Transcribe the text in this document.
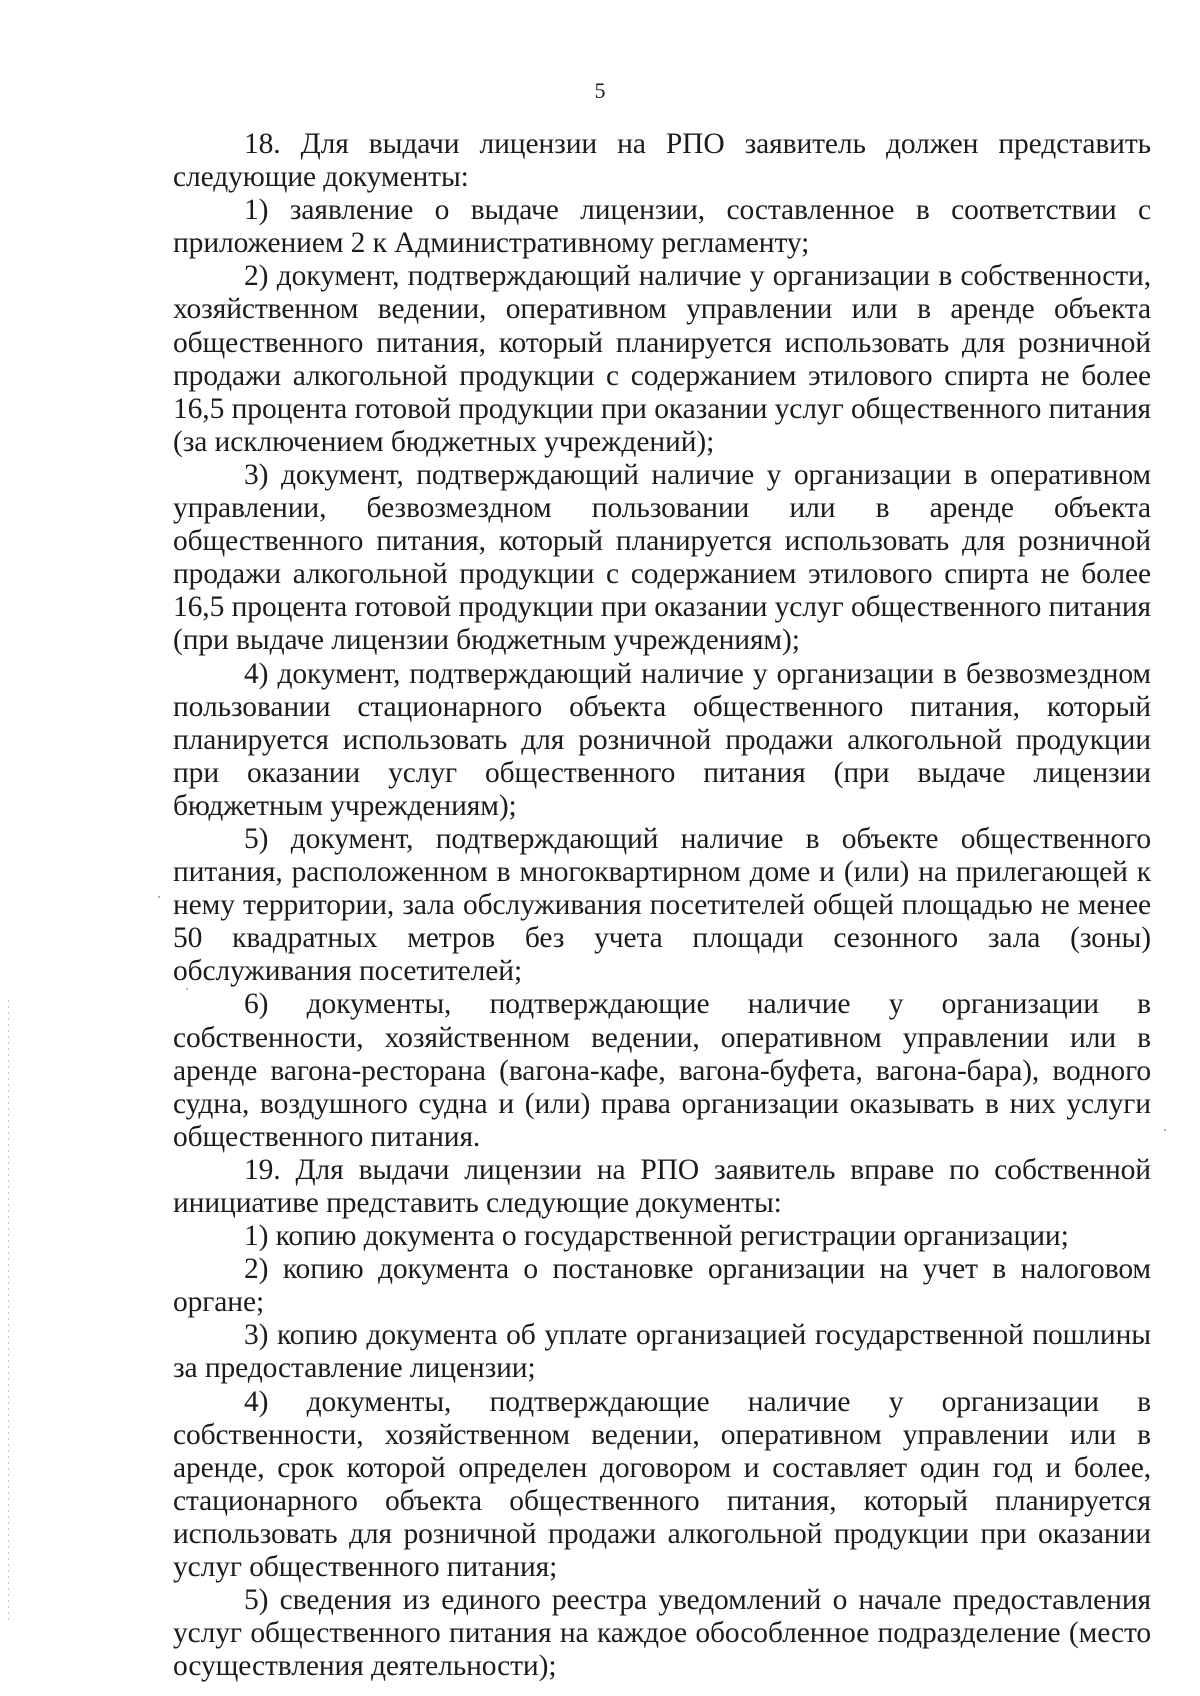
5

18. Для выдачи лицензии на РПО заявитель должен представить следующие документы:

1) заявление о выдаче лицензии, составленное в соответствии с приложением 2 к Административному регламенту;

2) документ, подтверждающий наличие у организации в собственности, хозяйственном ведении, оперативном управлении или в аренде объекта общественного питания, который планируется использовать для розничной продажи алкогольной продукции с содержанием этилового спирта не более 16,5 процента готовой продукции при оказании услуг общественного питания (за исключением бюджетных учреждений);

3) документ, подтверждающий наличие у организации в оперативном управлении, безвозмездном пользовании или в аренде объекта общественного питания, который планируется использовать для розничной продажи алкогольной продукции с содержанием этилового спирта не более 16,5 процента готовой продукции при оказании услуг общественного питания (при выдаче лицензии бюджетным учреждениям);

4) документ, подтверждающий наличие у организации в безвозмездном пользовании стационарного объекта общественного питания, который планируется использовать для розничной продажи алкогольной продукции при оказании услуг общественного питания (при выдаче лицензии бюджетным учреждениям);

5) документ, подтверждающий наличие в объекте общественного питания, расположенном в многоквартирном доме и (или) на прилегающей к нему территории, зала обслуживания посетителей общей площадью не менее 50 квадратных метров без учета площади сезонного зала (зоны) обслуживания посетителей;

6) документы, подтверждающие наличие у организации в собственности, хозяйственном ведении, оперативном управлении или в аренде вагона-ресторана (вагона-кафе, вагона-буфета, вагона-бара), водного судна, воздушного судна и (или) права организации оказывать в них услуги общественного питания.

19. Для выдачи лицензии на РПО заявитель вправе по собственной инициативе представить следующие документы:

1) копию документа о государственной регистрации организации;

2) копию документа о постановке организации на учет в налоговом органе;

3) копию документа об уплате организацией государственной пошлины за предоставление лицензии;

4) документы, подтверждающие наличие у организации в собственности, хозяйственном ведении, оперативном управлении или в аренде, срок которой определен договором и составляет один год и более, стационарного объекта общественного питания, который планируется использовать для розничной продажи алкогольной продукции при оказании услуг общественного питания;

5) сведения из единого реестра уведомлений о начале предоставления услуг общественного питания на каждое обособленное подразделение (место осуществления деятельности);
